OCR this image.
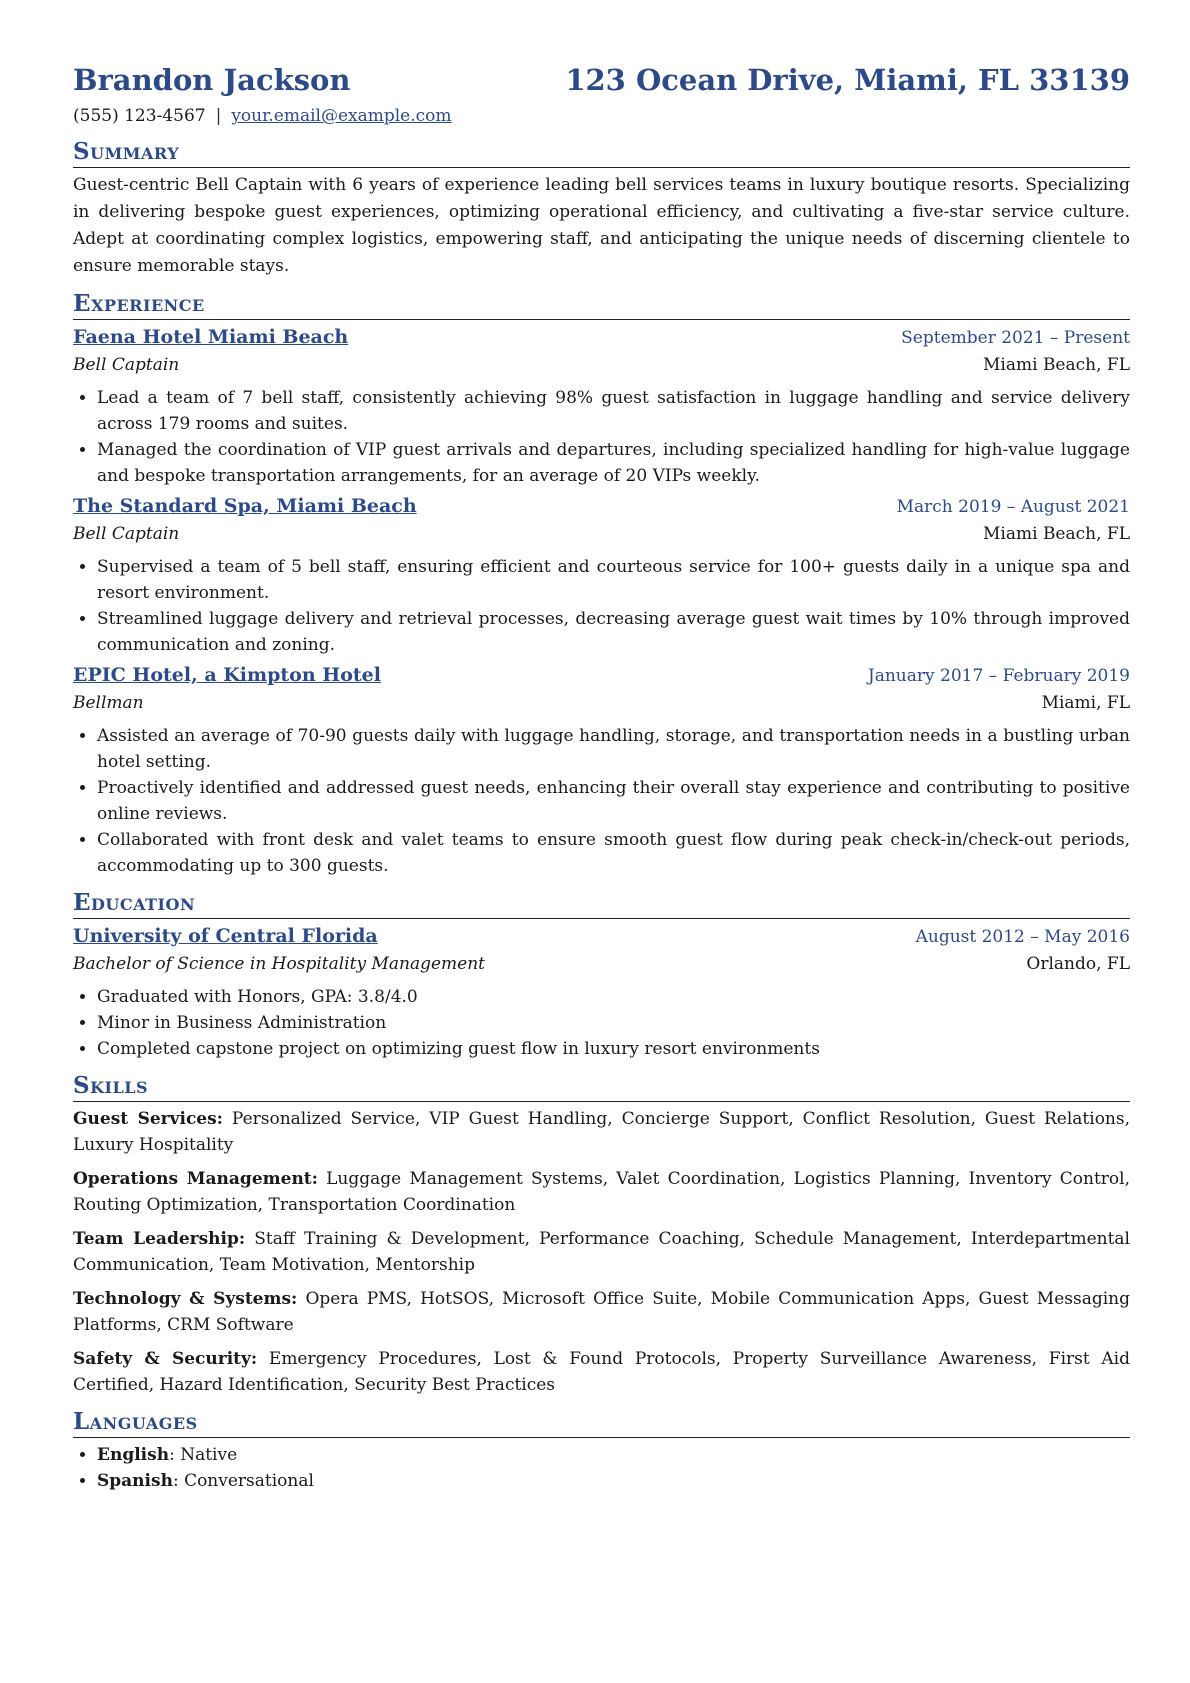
Brandon Jackson	123 Ocean Drive, Miami, FL 33139
(555) 123-4567 | your.email@example.com
Summary
Guest-centric Bell Captain with 6 years of experience leading bell services teams in luxury boutique resorts. Specializing in delivering bespoke guest experiences, optimizing operational efficiency, and cultivating a five-star service culture. Adept at coordinating complex logistics, empowering staff, and anticipating the unique needs of discerning clientele to ensure memorable stays.
Experience
Faena Hotel Miami Beach	September 2021 – Present
Bell Captain	Miami Beach, FL
• Lead a team of 7 bell staff, consistently achieving 98% guest satisfaction in luggage handling and service delivery across 179 rooms and suites.
• Managed the coordination of VIP guest arrivals and departures, including specialized handling for high-value luggage and bespoke transportation arrangements, for an average of 20 VIPs weekly.
The Standard Spa, Miami Beach	March 2019 – August 2021
Bell Captain	Miami Beach, FL
• Supervised a team of 5 bell staff, ensuring efficient and courteous service for 100+ guests daily in a unique spa and resort environment.
• Streamlined luggage delivery and retrieval processes, decreasing average guest wait times by 10% through improved communication and zoning.
EPIC Hotel, a Kimpton Hotel	January 2017 – February 2019
Bellman	Miami, FL
• Assisted an average of 70-90 guests daily with luggage handling, storage, and transportation needs in a bustling urban hotel setting.
• Proactively identified and addressed guest needs, enhancing their overall stay experience and contributing to positive online reviews.
• Collaborated with front desk and valet teams to ensure smooth guest flow during peak check-in/check-out periods, accommodating up to 300 guests.
Education
University of Central Florida	August 2012 – May 2016
Bachelor of Science in Hospitality Management	Orlando, FL
• Graduated with Honors, GPA: 3.8/4.0
• Minor in Business Administration
• Completed capstone project on optimizing guest flow in luxury resort environments
Skills
Guest Services: Personalized Service, VIP Guest Handling, Concierge Support, Conflict Resolution, Guest Relations, Luxury Hospitality
Operations Management: Luggage Management Systems, Valet Coordination, Logistics Planning, Inventory Control, Routing Optimization, Transportation Coordination
Team Leadership: Staff Training & Development, Performance Coaching, Schedule Management, Interdepartmental Communication, Team Motivation, Mentorship
Technology & Systems: Opera PMS, HotSOS, Microsoft Office Suite, Mobile Communication Apps, Guest Messaging Platforms, CRM Software
Safety & Security: Emergency Procedures, Lost & Found Protocols, Property Surveillance Awareness, First Aid Certified, Hazard Identification, Security Best Practices
Languages
• English: Native
• Spanish: Conversational
